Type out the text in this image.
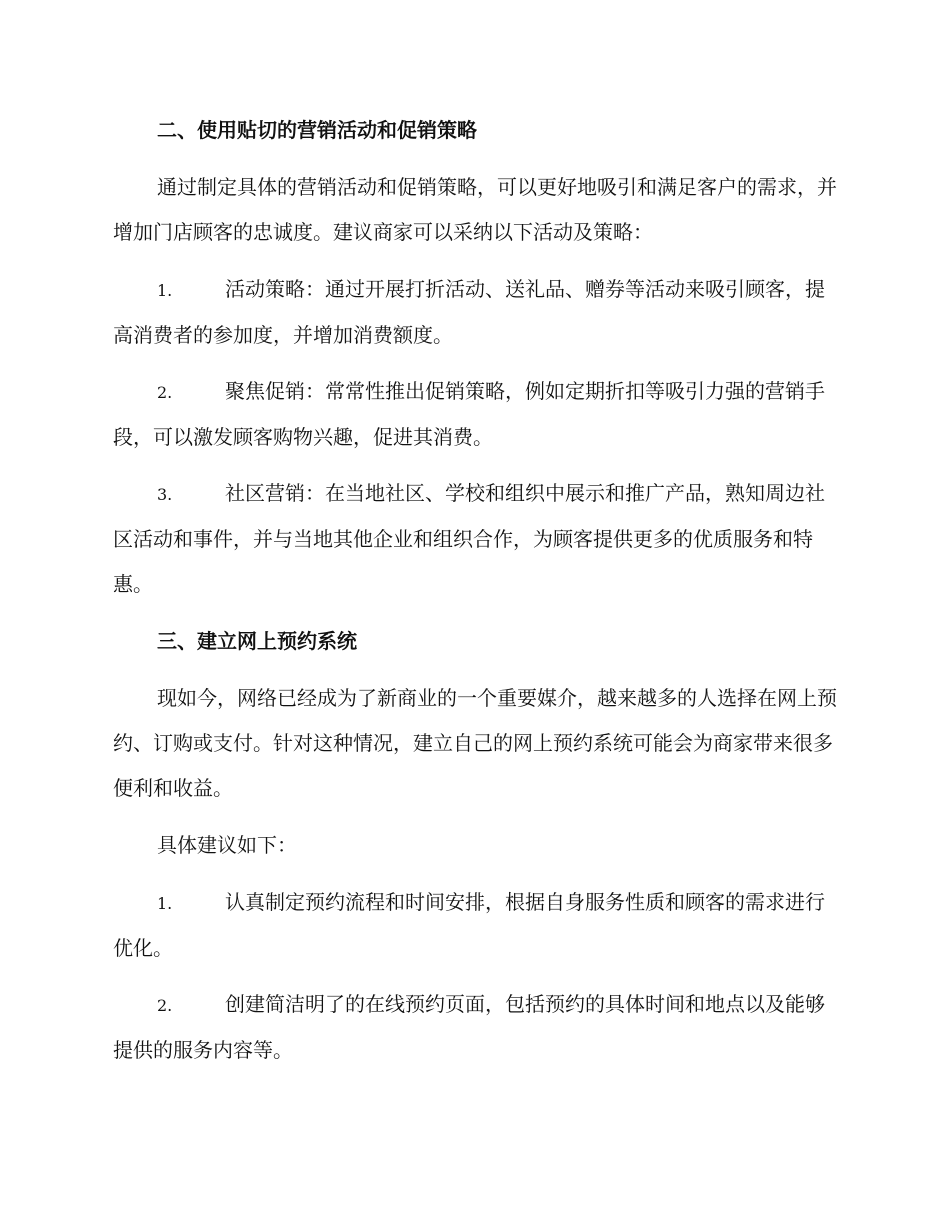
二、使用贴切的营销活动和促销策略

通过制定具体的营销活动和促销策略，可以更好地吸引和满足客户的需求，并增加门店顾客的忠诚度。建议商家可以采纳以下活动及策略：

1.	活动策略：通过开展打折活动、送礼品、赠券等活动来吸引顾客，提高消费者的参加度，并增加消费额度。

2.	聚焦促销：常常性推出促销策略，例如定期折扣等吸引力强的营销手段，可以激发顾客购物兴趣，促进其消费。

3.	社区营销：在当地社区、学校和组织中展示和推广产品，熟知周边社区活动和事件，并与当地其他企业和组织合作，为顾客提供更多的优质服务和特惠。

三、建立网上预约系统

现如今，网络已经成为了新商业的一个重要媒介，越来越多的人选择在网上预约、订购或支付。针对这种情况，建立自己的网上预约系统可能会为商家带来很多便利和收益。

具体建议如下：

1.	认真制定预约流程和时间安排，根据自身服务性质和顾客的需求进行优化。

2.	创建简洁明了的在线预约页面，包括预约的具体时间和地点以及能够提供的服务内容等。
